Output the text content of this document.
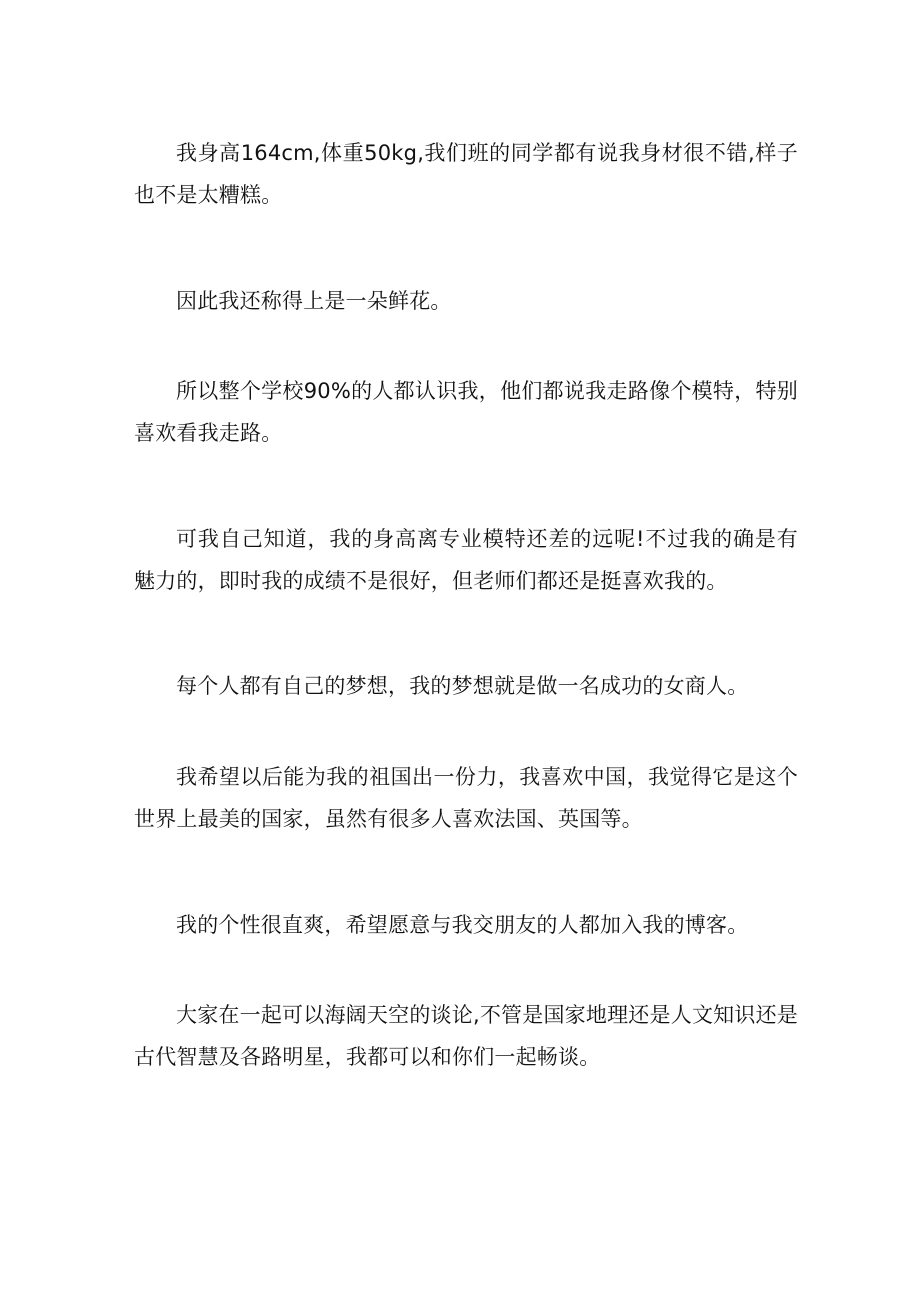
我身高164cm,体重50kg,我们班的同学都有说我身材很不错,样子也不是太糟糕。

因此我还称得上是一朵鲜花。

所以整个学校90%的人都认识我，他们都说我走路像个模特，特别喜欢看我走路。

可我自己知道，我的身高离专业模特还差的远呢!不过我的确是有魅力的，即时我的成绩不是很好，但老师们都还是挺喜欢我的。

每个人都有自己的梦想，我的梦想就是做一名成功的女商人。

我希望以后能为我的祖国出一份力，我喜欢中国，我觉得它是这个世界上最美的国家，虽然有很多人喜欢法国、英国等。

我的个性很直爽，希望愿意与我交朋友的人都加入我的博客。

大家在一起可以海阔天空的谈论,不管是国家地理还是人文知识还是古代智慧及各路明星，我都可以和你们一起畅谈。
